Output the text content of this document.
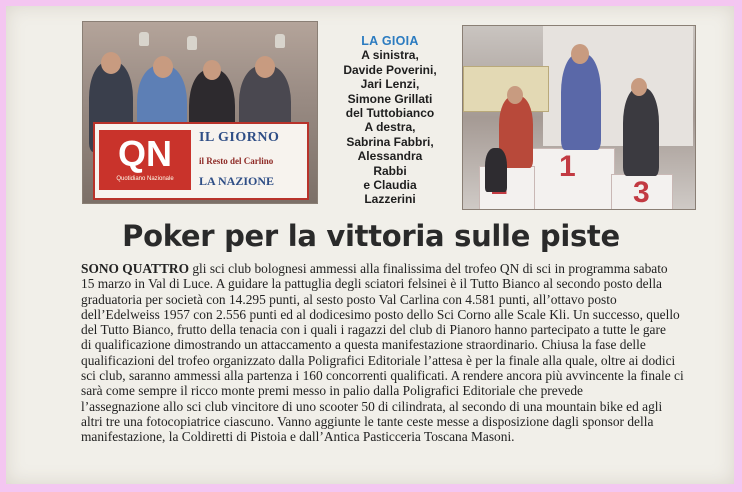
QN
Quotidiano Nazionale
IL GIORNO
il Resto del Carlino
LA NAZIONE	1
3
LA GIOIA
A sinistra,
Davide Poverini,
Jari Lenzi,
Simone Grillati
del Tuttobianco
A destra,
Sabrina Fabbri,
Alessandra
Rabbi
e Claudia
Lazzerini
Poker per la vittoria sulle piste
SONO QUATTRO gli sci club bolognesi ammessi alla finalissima del trofeo QN di sci in programma sabato
15 marzo in Val di Luce. A guidare la pattuglia degli sciatori felsinei è il Tutto Bianco al secondo posto della
graduatoria per società con 14.295 punti, al sesto posto Val Carlina con 4.581 punti, all’ottavo posto
dell’Edelweiss 1957 con 2.556 punti ed al dodicesimo posto dello Sci Corno alle Scale Kli. Un successo, quello
del Tutto Bianco, frutto della tenacia con i quali i ragazzi del club di Pianoro hanno partecipato a tutte le gare
di qualificazione dimostrando un attaccamento a questa manifestazione straordinario. Chiusa la fase delle
qualificazioni del trofeo organizzato dalla Poligrafici Editoriale l’attesa è per la finale alla quale, oltre ai dodici
sci club, saranno ammessi alla partenza i 160 concorrenti qualificati. A rendere ancora più avvincente la finale ci
sarà come sempre il ricco monte premi messo in palio dalla Poligrafici Editoriale che prevede
l’assegnazione allo sci club vincitore di uno scooter 50 di cilindrata, al secondo di una mountain bike ed agli
altri tre una fotocopiatrice ciascuno. Vanno aggiunte le tante ceste messe a disposizione dagli sponsor della
manifestazione, la Coldiretti di Pistoia e dall’Antica Pasticceria Toscana Masoni.
